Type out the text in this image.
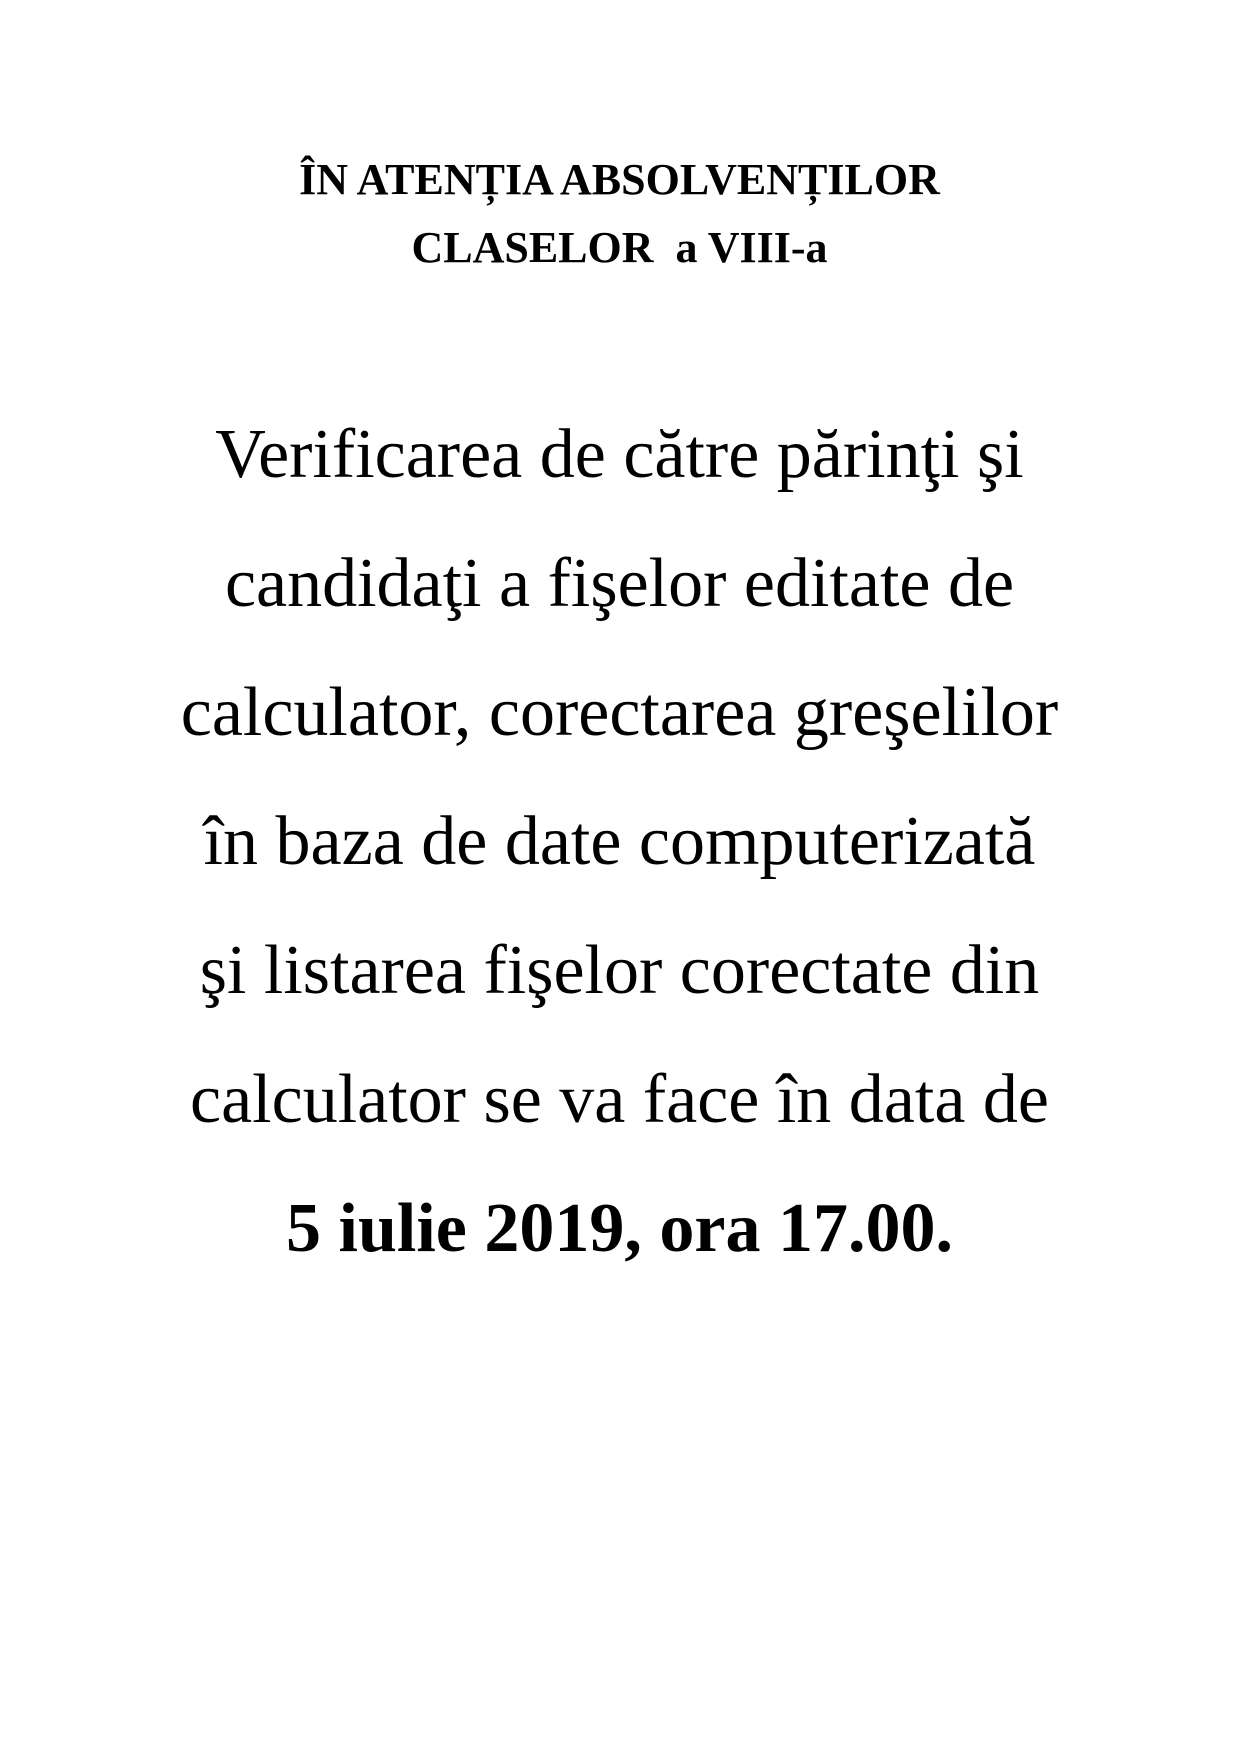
ÎN ATENȚIA ABSOLVENȚILOR
CLASELOR  a VIII-a
Verificarea de către părinţi şi
candidaţi a fişelor editate de
calculator, corectarea greşelilor
în baza de date computerizată
şi listarea fişelor corectate din
calculator se va face în data de
5 iulie 2019, ora 17.00.
